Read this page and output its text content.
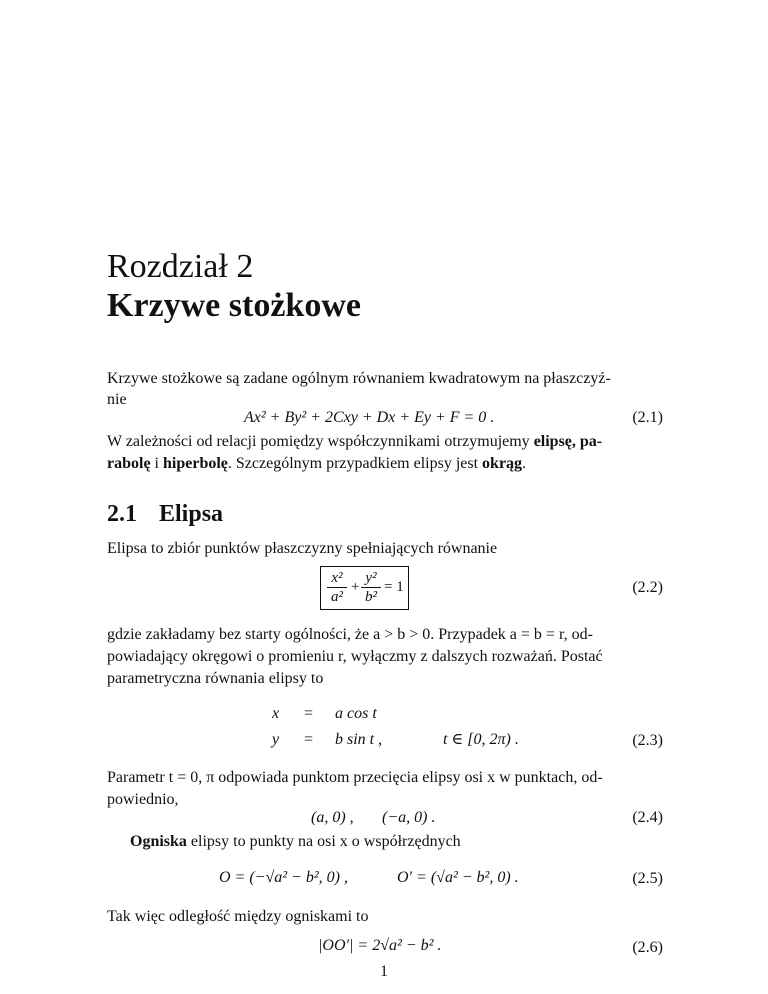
Rozdział 2
Krzywe stożkowe
Krzywe stożkowe są zadane ogólnym równaniem kwadratowym na płaszczyź-
nie
Ax² + By² + 2Cxy + Dx + Ey + F = 0 .	(2.1)
W zależności od relacji pomiędzy współczynnikami otrzymujemy elipsę, pa-
rabolę i hiperbolę. Szczególnym przypadkiem elipsy jest okrąg.
2.1 Elipsa
Elipsa to zbiór punktów płaszczyzny spełniających równanie
x²
a²
+
y²
b²
= 1	(2.2)
gdzie zakładamy bez starty ogólności, że a > b > 0. Przypadek a = b = r, od-
powiadający okręgowi o promieniu r, wyłączmy z dalszych rozważań. Postać
parametryczna równania elipsy to
x = a cos t
y = b sin t ,	t ∈ [0, 2π) .	(2.3)
Parametr t = 0, π odpowiada punktom przecięcia elipsy osi x w punktach, od-
powiednio,
(a, 0) , (−a, 0) .	(2.4)
Ogniska elipsy to punkty na osi x o współrzędnych
O = (−√a² − b², 0) ,	O′ = (√a² − b², 0) .	(2.5)
Tak więc odległość między ogniskami to
|OO′| = 2√a² − b² .	(2.6)
1
